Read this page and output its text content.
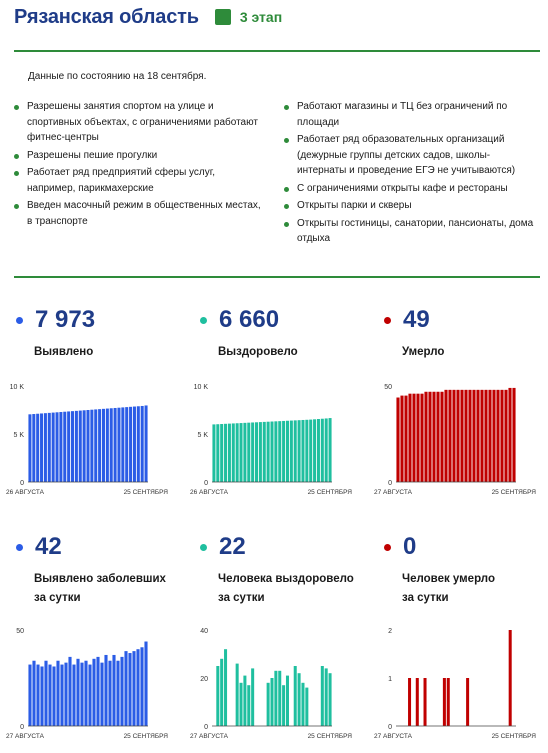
Рязанская область	3 этап
Данные по состоянию на 18 сентября.
Разрешены занятия спортом на улице и спортивных объектах, с ограничениями работают фитнес-центры
Разрешены пешие прогулки
Работает ряд предприятий сферы услуг, например, парикмахерские
Введен масочный режим в общественных местах, в транспорте
Работают магазины и ТЦ без ограничений по площади
Работает ряд образовательных организаций (дежурные группы детских садов, школы-интернаты и проведение ЕГЭ не учитываются)
С ограничениями открыты кафе и рестораны
Открыты парки и скверы
Открыты гостиницы, санатории, пансионаты, дома отдыха
7 973
Выявлено
6 660
Выздоровело
49
Умерло
10 K
5 K
0
26 АВГУСТА	25 СЕНТЯБРЯ
10 K
5 K
0
26 АВГУСТА	25 СЕНТЯБРЯ
50
0
27 АВГУСТА	25 СЕНТЯБРЯ
42
Выявлено заболевших
за сутки
22
Человека выздоровело
за сутки
0
Человек умерло
за сутки
50
0
27 АВГУСТА	25 СЕНТЯБРЯ
40
20
0
27 АВГУСТА	25 СЕНТЯБРЯ
2
1
0
27 АВГУСТА	25 СЕНТЯБРЯ
